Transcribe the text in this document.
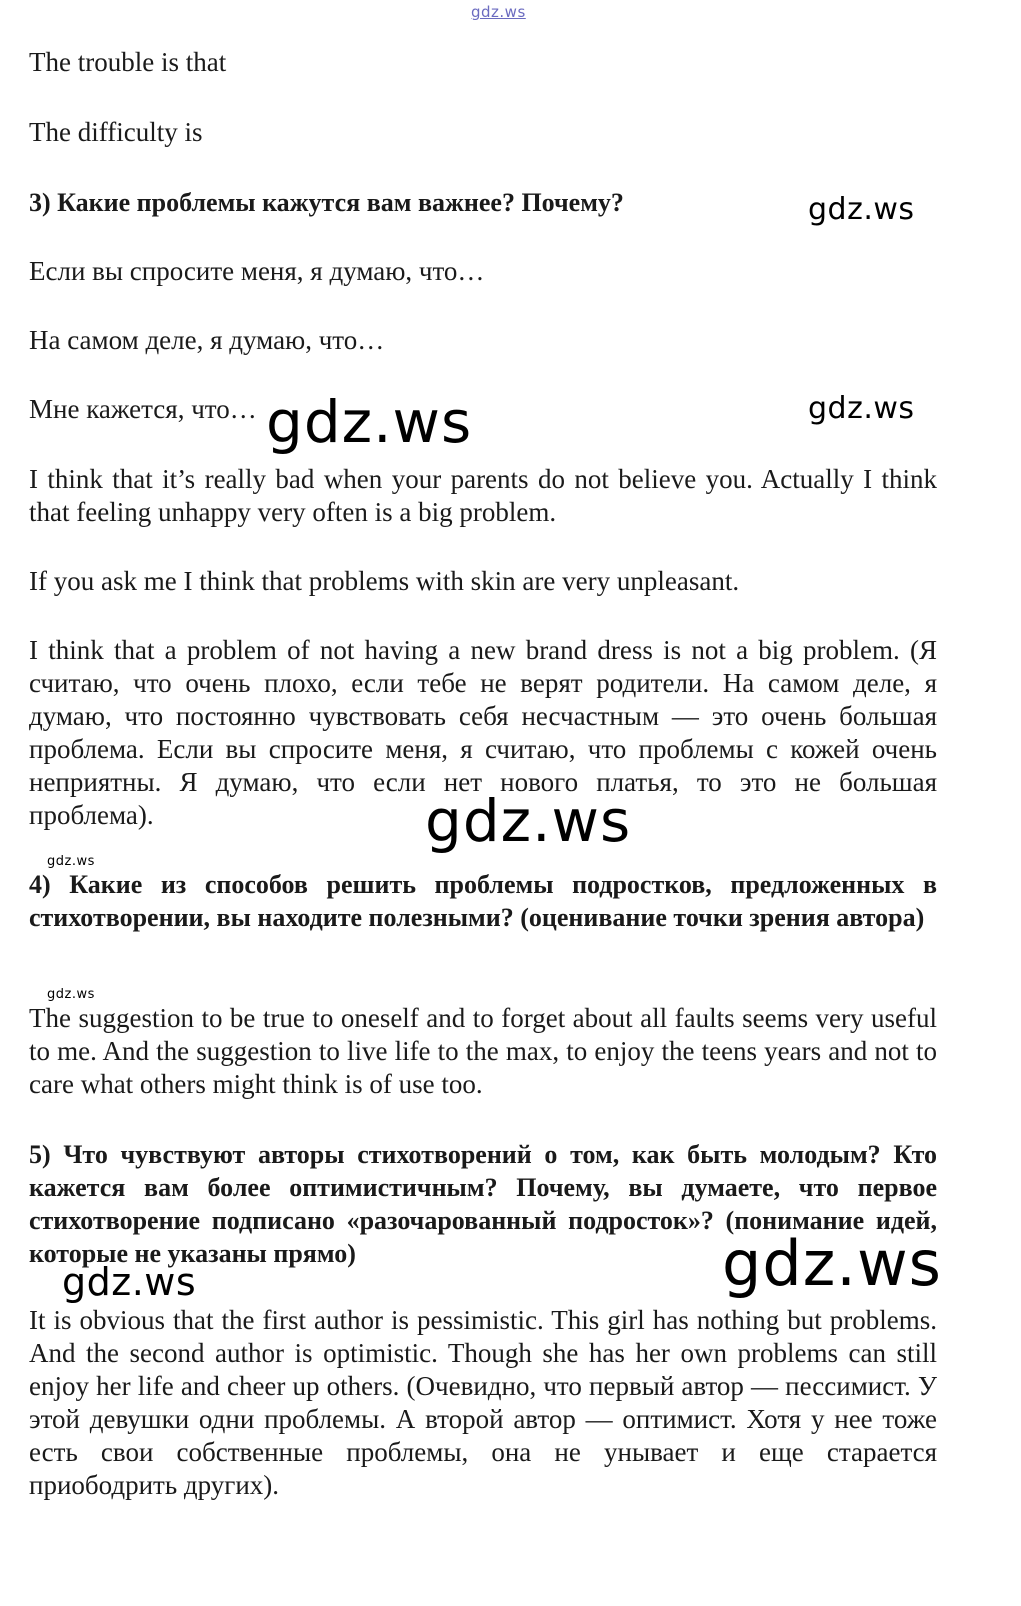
gdz.ws
The trouble is that
The difficulty is
3) Какие проблемы кажутся вам важнее? Почему?	gdz.ws
Если вы спросите меня, я думаю, что…
На самом деле, я думаю, что…
Мне кажется, что… gdz.ws	gdz.ws
I think that it’s really bad when your parents do not believe you. Actually I think that feeling unhappy very often is a big problem.
If you ask me I think that problems with skin are very unpleasant.
I think that a problem of not having a new brand dress is not a big problem. (Я считаю, что очень плохо, если тебе не верят родители. На самом деле, я думаю, что постоянно чувствовать себя несчастным — это очень большая проблема. Если вы спросите меня, я считаю, что проблемы с кожей очень неприятны. Я думаю, что если нет нового платья, то это не большая проблема).	gdz.ws
gdz.ws
4) Какие из способов решить проблемы подростков, предложенных в стихотворении, вы находите полезными? (оценивание точки зрения автора)
gdz.ws
The suggestion to be true to oneself and to forget about all faults seems very useful to me. And the suggestion to live life to the max, to enjoy the teens years and not to care what others might think is of use too.
5) Что чувствуют авторы стихотворений о том, как быть молодым? Кто кажется вам более оптимистичным? Почему, вы думаете, что первое стихотворение подписано «разочарованный подросток»? (понимание идей, которые не указаны прямо)
gdz.ws	gdz.ws
It is obvious that the first author is pessimistic. This girl has nothing but problems. And the second author is optimistic. Though she has her own problems can still enjoy her life and cheer up others. (Очевидно, что первый автор — пессимист. У этой девушки одни проблемы. А второй автор — оптимист. Хотя у нее тоже есть свои собственные проблемы, она не унывает и еще старается приободрить других).
